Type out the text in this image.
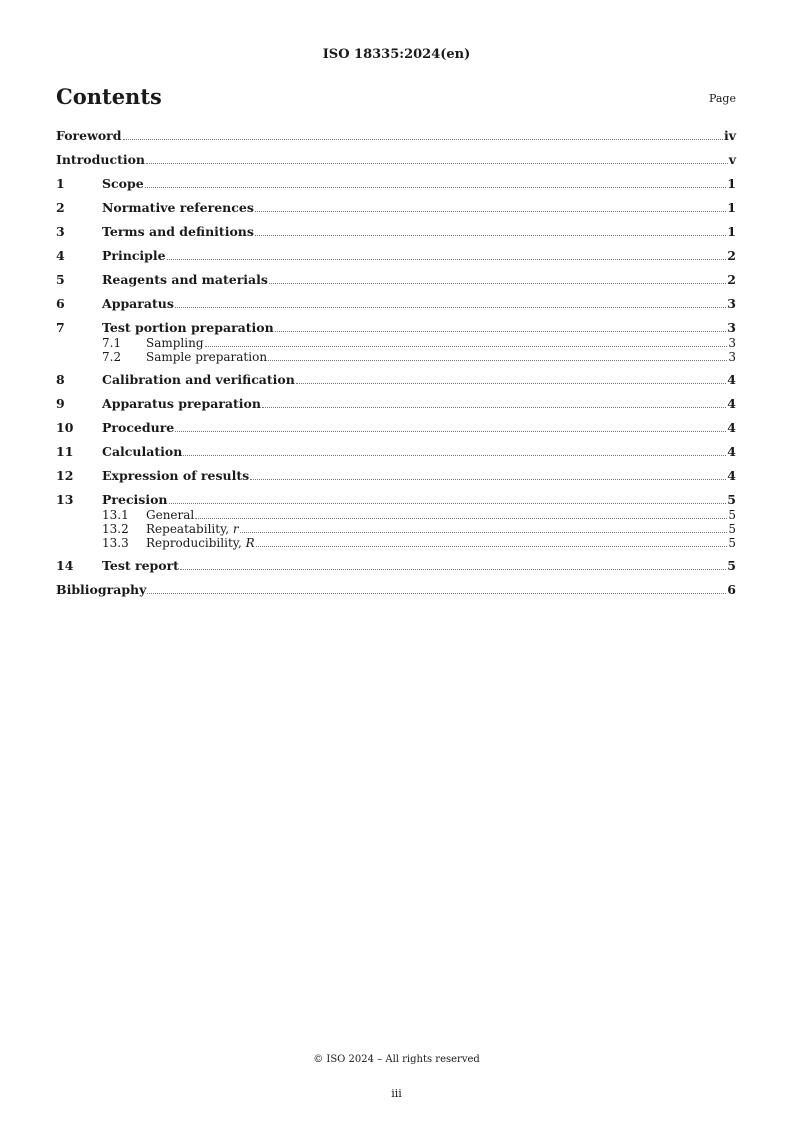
ISO 18335:2024(en)
Contents	Page
Foreword	iv
Introduction	v
1	Scope	1
2	Normative references	1
3	Terms and definitions	1
4	Principle	2
5	Reagents and materials	2
6	Apparatus	3
7	Test portion preparation	3
7.1	Sampling	3
7.2	Sample preparation	3
8	Calibration and verification	4
9	Apparatus preparation	4
10	Procedure	4
11	Calculation	4
12	Expression of results	4
13	Precision	5
13.1	General	5
13.2	Repeatability, r	5
13.3	Reproducibility, R	5
14	Test report	5
Bibliography	6
© ISO 2024 – All rights reserved
iii
